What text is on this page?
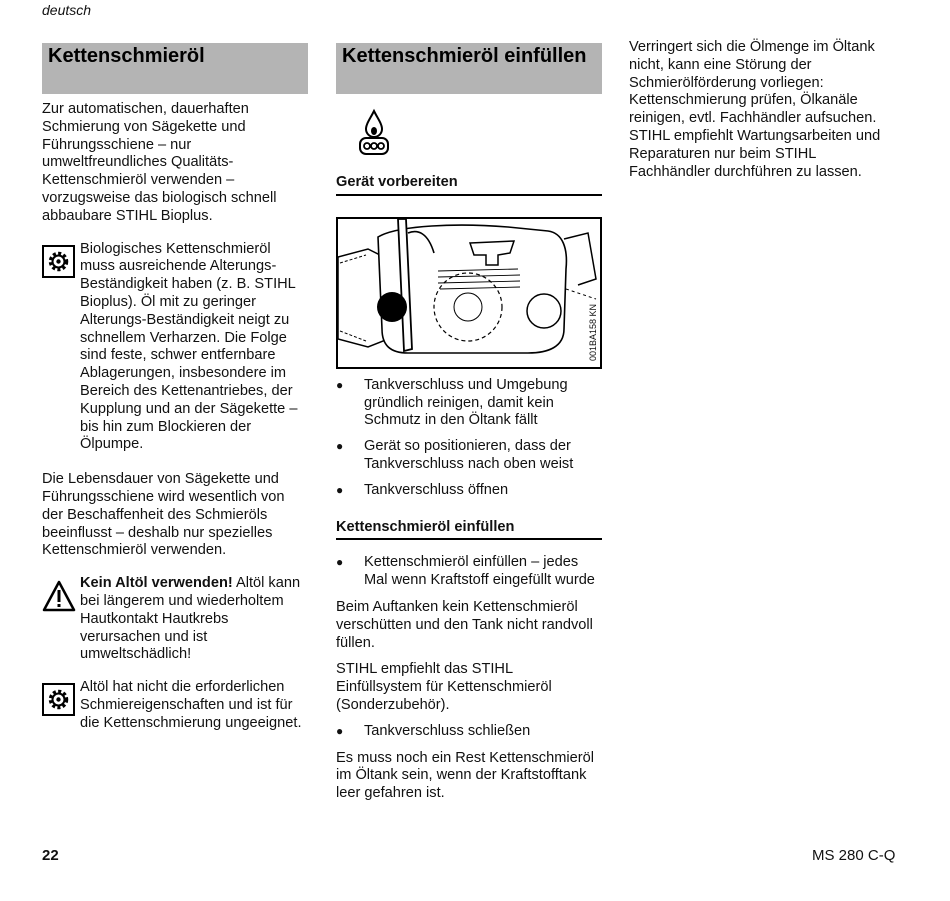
deutsch
Kettenschmieröl

Zur automatischen, dauerhaften Schmierung von Sägekette und Führungsschiene – nur umweltfreundliches Qualitäts-Kettenschmieröl verwenden – vorzugsweise das biologisch schnell abbaubare STIHL Bioplus.

Biologisches Kettenschmieröl muss ausreichende Alterungs-Beständigkeit haben (z. B. STIHL Bioplus). Öl mit zu geringer Alterungs-Beständigkeit neigt zu schnellem Verharzen. Die Folge sind feste, schwer entfernbare Ablagerungen, insbesondere im Bereich des Kettenantriebes, der Kupplung und an der Sägekette – bis hin zum Blockieren der Ölpumpe.

Die Lebensdauer von Sägekette und Führungsschiene wird wesentlich von der Beschaffenheit des Schmieröls beeinflusst – deshalb nur spezielles Kettenschmieröl verwenden.

Kein Altöl verwenden! Altöl kann bei längerem und wiederholtem Hautkontakt Hautkrebs verursachen und ist umweltschädlich!

Altöl hat nicht die erforderlichen Schmiereigenschaften und ist für die Kettenschmierung ungeeignet.

Kettenschmieröl einfüllen
Gerät vorbereiten
001BA158 KN
● Tankverschluss und Umgebung gründlich reinigen, damit kein Schmutz in den Öltank fällt
● Gerät so positionieren, dass der Tankverschluss nach oben weist
● Tankverschluss öffnen
Kettenschmieröl einfüllen
● Kettenschmieröl einfüllen – jedes Mal wenn Kraftstoff eingefüllt wurde

Beim Auftanken kein Kettenschmieröl verschütten und den Tank nicht randvoll füllen.

STIHL empfiehlt das STIHL Einfüllsystem für Kettenschmieröl (Sonderzubehör).

● Tankverschluss schließen

Es muss noch ein Rest Kettenschmieröl im Öltank sein, wenn der Kraftstofftank leer gefahren ist.

Verringert sich die Ölmenge im Öltank nicht, kann eine Störung der Schmierölförderung vorliegen: Kettenschmierung prüfen, Ölkanäle reinigen, evtl. Fachhändler aufsuchen. STIHL empfiehlt Wartungsarbeiten und Reparaturen nur beim STIHL Fachhändler durchführen zu lassen.

22	MS 280 C-Q
